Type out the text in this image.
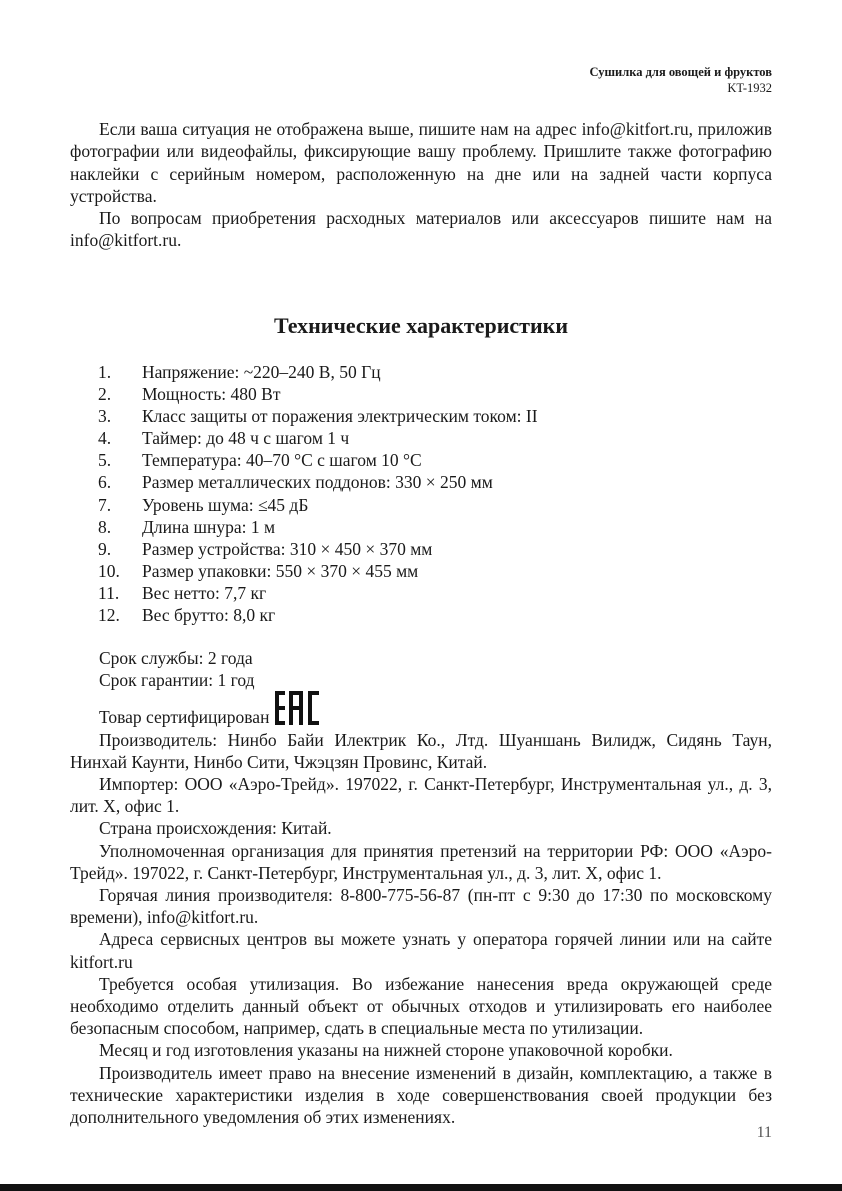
Сушилка для овощей и фруктов
KT-1932

Если ваша ситуация не отображена выше, пишите нам на адрес info@kitfort.ru, приложив фотографии или видеофайлы, фиксирующие вашу проблему. Пришлите также фотографию наклейки с серийным номером, расположенную на дне или на задней части корпуса устройства.

По вопросам приобретения расходных материалов или аксессуаров пишите нам на info@kitfort.ru.

Технические характеристики
1.	Напряжение: ~220–240 В, 50 Гц
2.	Мощность: 480 Вт
3.	Класс защиты от поражения электрическим током: II
4.	Таймер: до 48 ч с шагом 1 ч
5.	Температура: 40–70 °C с шагом 10 °C
6.	Размер металлических поддонов: 330 × 250 мм
7.	Уровень шума: ≤45 дБ
8.	Длина шнура: 1 м
9.	Размер устройства: 310 × 450 × 370 мм
10.	Размер упаковки: 550 × 370 × 455 мм
11.	Вес нетто: 7,7 кг
12.	Вес брутто: 8,0 кг

Срок службы: 2 года

Срок гарантии: 1 год

Товар сертифицирован

Производитель: Нинбо Байи Илектрик Ко., Лтд. Шуаншань Вилидж, Сидянь Таун, Нинхай Каунти, Нинбо Сити, Чжэцзян Провинс, Китай.

Импортер: ООО «Аэро-Трейд». 197022, г. Санкт-Петербург, Инструментальная ул., д. 3, лит. Х, офис 1.

Страна происхождения: Китай.

Уполномоченная организация для принятия претензий на территории РФ: ООО «Аэро-Трейд». 197022, г. Санкт-Петербург, Инструментальная ул., д. 3, лит. Х, офис 1.

Горячая линия производителя: 8-800-775-56-87 (пн-пт с 9:30 до 17:30 по московскому времени), info@kitfort.ru.

Адреса сервисных центров вы можете узнать у оператора горячей линии или на сайте kitfort.ru

Требуется особая утилизация. Во избежание нанесения вреда окружающей среде необходимо отделить данный объект от обычных отходов и утилизировать его наиболее безопасным способом, например, сдать в специальные места по утилизации.

Месяц и год изготовления указаны на нижней стороне упаковочной коробки.

Производитель имеет право на внесение изменений в дизайн, комплектацию, а также в технические характеристики изделия в ходе совершенствования своей продукции без дополнительного уведомления об этих изменениях.

11
